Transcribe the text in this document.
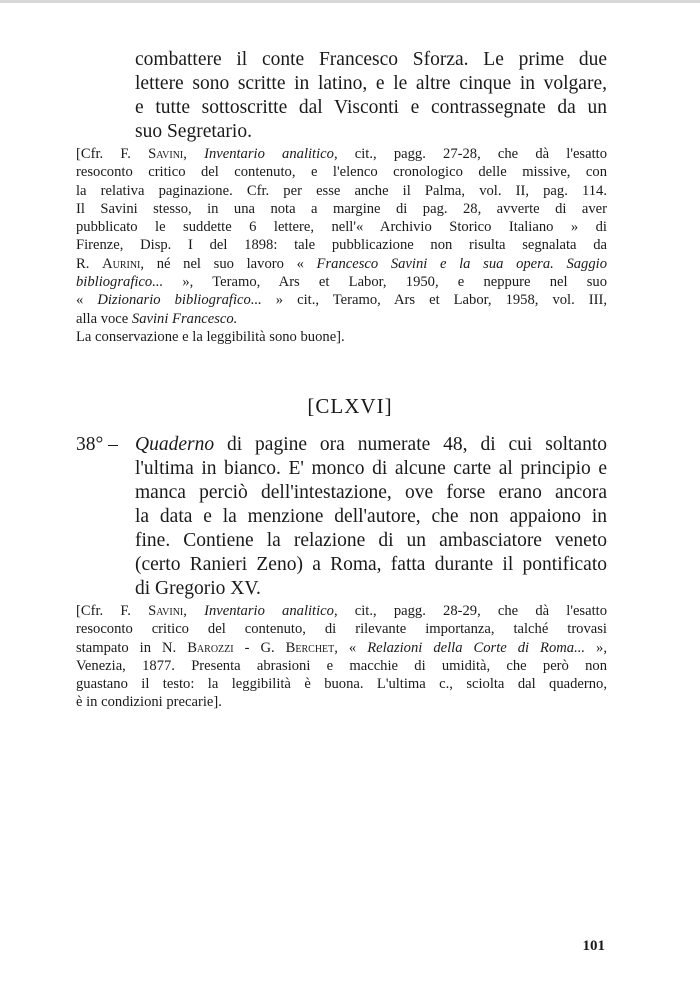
combattere il conte Francesco Sforza. Le prime due
lettere sono scritte in latino, e le altre cinque in volgare,
e tutte sottoscritte dal Visconti e contrassegnate da un
suo Segretario.
[Cfr. F. Savini, Inventario analitico, cit., pagg. 27-28, che dà l'esatto
resoconto critico del contenuto, e l'elenco cronologico delle missive, con
la relativa paginazione. Cfr. per esse anche il Palma, vol. II, pag. 114.
Il Savini stesso, in una nota a margine di pag. 28, avverte di aver
pubblicato le suddette 6 lettere, nell'« Archivio Storico Italiano » di
Firenze, Disp. I del 1898: tale pubblicazione non risulta segnalata da
R. Aurini, né nel suo lavoro « Francesco Savini e la sua opera. Saggio
bibliografico... », Teramo, Ars et Labor, 1950, e neppure nel suo
« Dizionario bibliografico... » cit., Teramo, Ars et Labor, 1958, vol. III,
alla voce Savini Francesco.
La conservazione e la leggibilità sono buone].
[CLXVI]
38° – Quaderno di pagine ora numerate 48, di cui soltanto
l'ultima in bianco. E' monco di alcune carte al principio e
manca perciò dell'intestazione, ove forse erano ancora
la data e la menzione dell'autore, che non appaiono in
fine. Contiene la relazione di un ambasciatore veneto
(certo Ranieri Zeno) a Roma, fatta durante il pontificato
di Gregorio XV.
[Cfr. F. Savini, Inventario analitico, cit., pagg. 28-29, che dà l'esatto
resoconto critico del contenuto, di rilevante importanza, talché trovasi
stampato in N. Barozzi - G. Berchet, « Relazioni della Corte di Roma... »,
Venezia, 1877. Presenta abrasioni e macchie di umidità, che però non
guastano il testo: la leggibilità è buona. L'ultima c., sciolta dal quaderno,
è in condizioni precarie].
101
